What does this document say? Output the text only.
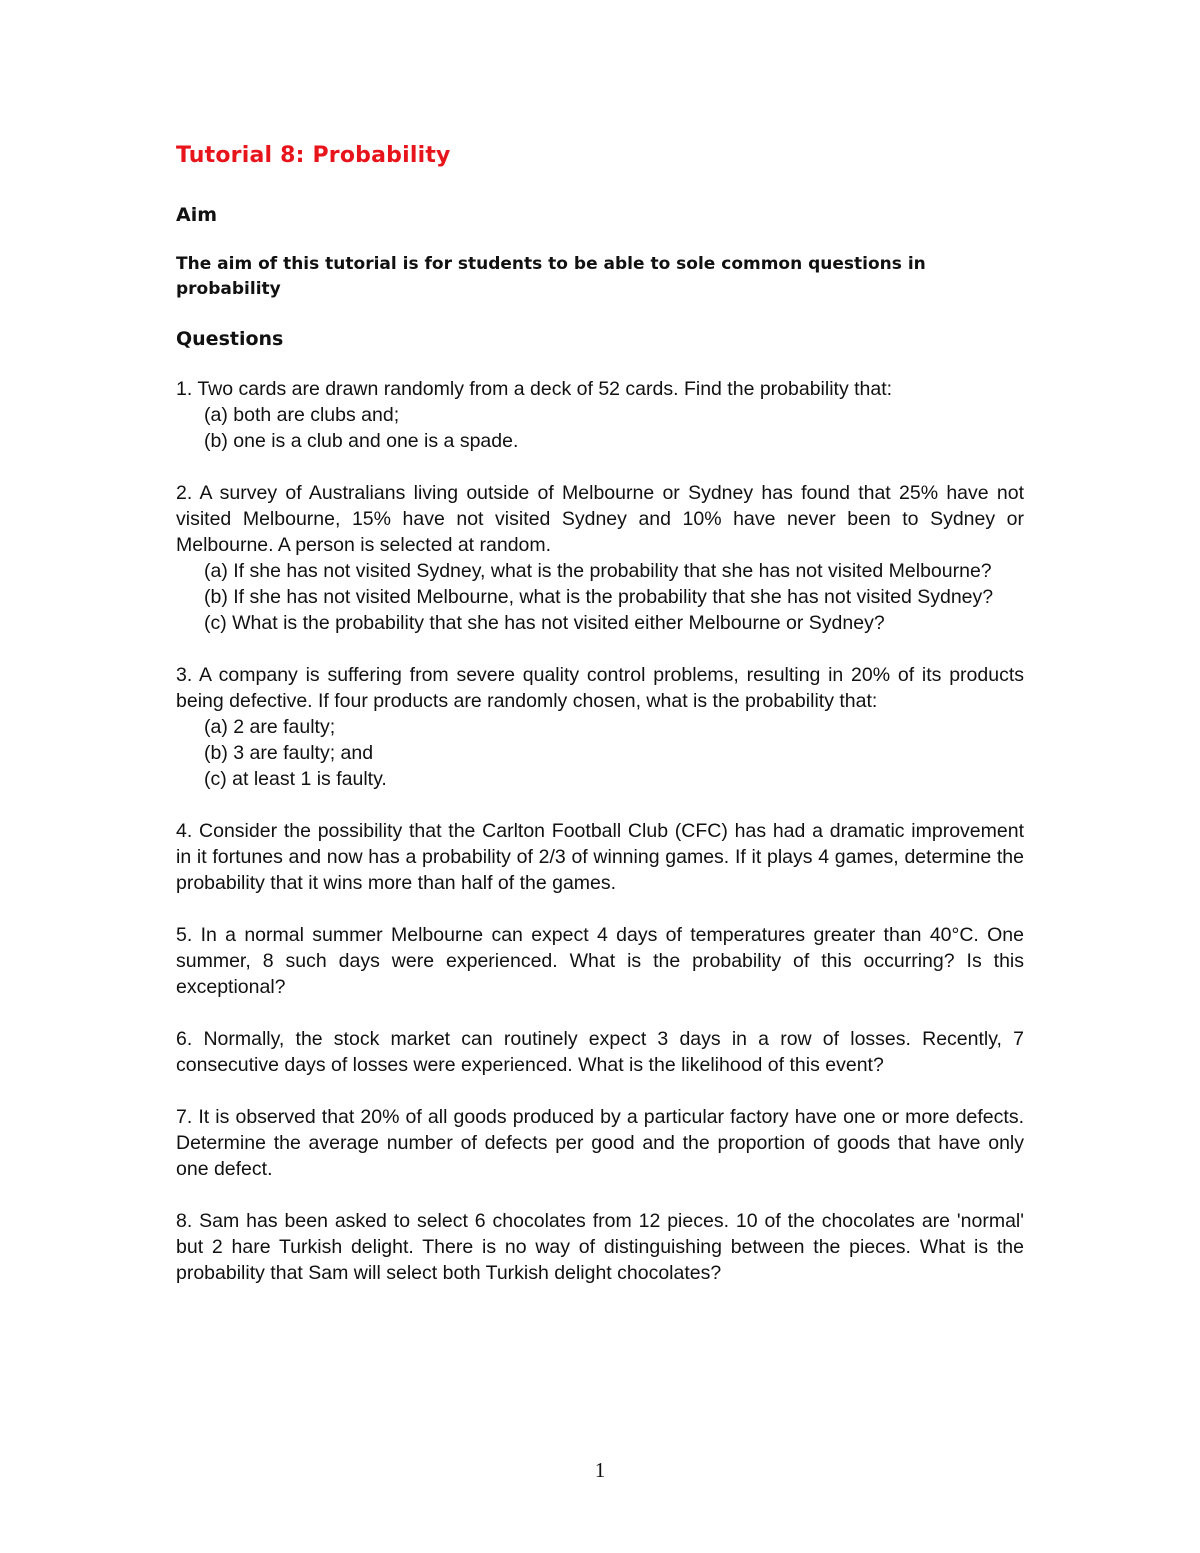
Tutorial 8: Probability
Aim

The aim of this tutorial is for students to be able to sole common questions in probability

Questions

1. Two cards are drawn randomly from a deck of 52 cards. Find the probability that:

(a) both are clubs and;

(b) one is a club and one is a spade.

2. A survey of Australians living outside of Melbourne or Sydney has found that 25% have not visited Melbourne, 15% have not visited Sydney and 10% have never been to Sydney or Melbourne. A person is selected at random.

(a) If she has not visited Sydney, what is the probability that she has not visited Melbourne?

(b) If she has not visited Melbourne, what is the probability that she has not visited Sydney?

(c) What is the probability that she has not visited either Melbourne or Sydney?

3. A company is suffering from severe quality control problems, resulting in 20% of its products being defective. If four products are randomly chosen, what is the probability that:

(a) 2 are faulty;

(b) 3 are faulty; and

(c) at least 1 is faulty.

4. Consider the possibility that the Carlton Football Club (CFC) has had a dramatic improvement in it fortunes and now has a probability of 2/3 of winning games. If it plays 4 games, determine the probability that it wins more than half of the games.

5. In a normal summer Melbourne can expect 4 days of temperatures greater than 40°C. One summer, 8 such days were experienced. What is the probability of this occurring? Is this exceptional?

6. Normally, the stock market can routinely expect 3 days in a row of losses. Recently, 7 consecutive days of losses were experienced. What is the likelihood of this event?

7. It is observed that 20% of all goods produced by a particular factory have one or more defects. Determine the average number of defects per good and the proportion of goods that have only one defect.

8. Sam has been asked to select 6 chocolates from 12 pieces. 10 of the chocolates are 'normal' but 2 hare Turkish delight. There is no way of distinguishing between the pieces. What is the probability that Sam will select both Turkish delight chocolates?

1
